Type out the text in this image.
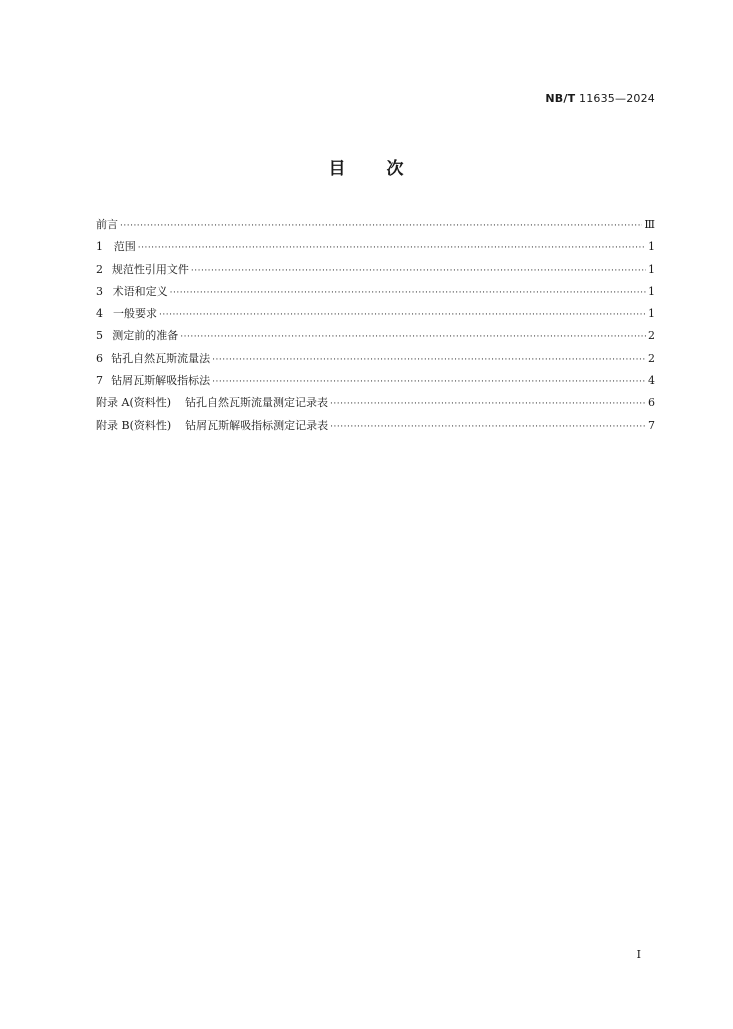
NB/T 11635—2024
目 次
前言 ·····	Ⅲ
1 范围 ·····	1
2 规范性引用文件 ·····	1
3 术语和定义 ·····	1
4 一般要求 ·····	1
5 测定前的准备 ·····	2
6 钻孔自然瓦斯流量法 ·····	2
7 钻屑瓦斯解吸指标法 ·····	4
附录 A(资料性) 钻孔自然瓦斯流量测定记录表 ·····	6
附录 B(资料性) 钻屑瓦斯解吸指标测定记录表 ·····	7
I
